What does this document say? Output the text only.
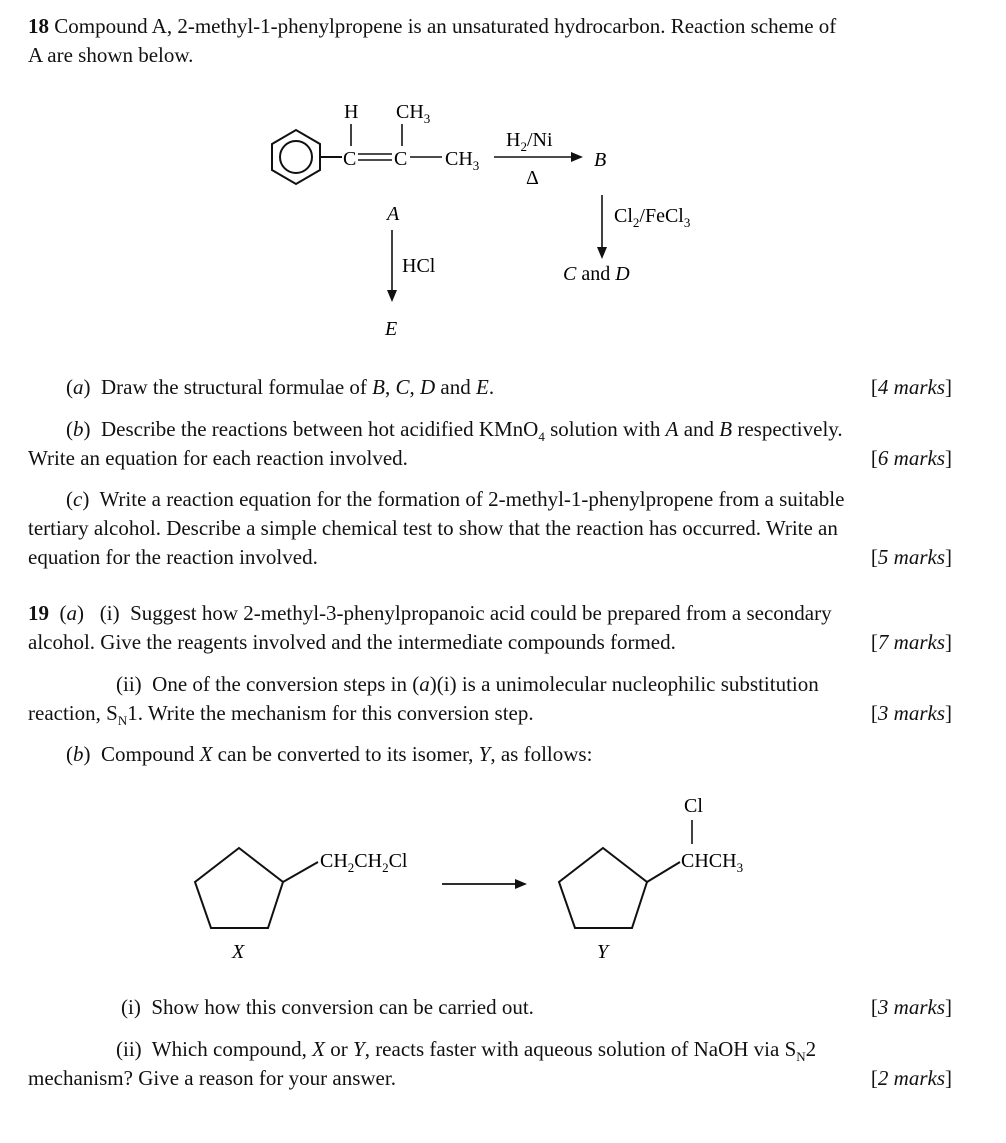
18 Compound A, 2-methyl-1-phenylpropene is an unsaturated hydrocarbon. Reaction scheme of
A are shown below.
H $CH_3$
C C $CH_3$
$H_2/Ni$
Δ
B
A
HCl
E
$Cl_2/FeCl_3$
C and D
(a) Draw the structural formulae of B, C, D and E.	[4 marks]
(b)  Describe the reactions between hot acidified KMnO$_4$ solution with A and B respectively.
Write an equation for each reaction involved.	[6 marks]
(c)  Write a reaction equation for the formation of 2-methyl-1-phenylpropene from a suitable
tertiary alcohol. Describe a simple chemical test to show that the reaction has occurred. Write an
equation for the reaction involved.	[5 marks]
19  (a)   (i)  Suggest how 2-methyl-3-phenylpropanoic acid could be prepared from a secondary
alcohol. Give the reagents involved and the intermediate compounds formed.	[7 marks]
(ii)  One of the conversion steps in (a)(i) is a unimolecular nucleophilic substitution
reaction, $S_N1$. Write the mechanism for this conversion step.	[3 marks]
(b)  Compound X can be converted to its isomer, Y, as follows:
$CH_2CH_2Cl$
X
Cl
$CHCH_3$
Y
(i)  Show how this conversion can be carried out.	[3 marks]
(ii)  Which compound, X or Y, reacts faster with aqueous solution of NaOH via $S_N2$
mechanism? Give a reason for your answer.	[2 marks]
